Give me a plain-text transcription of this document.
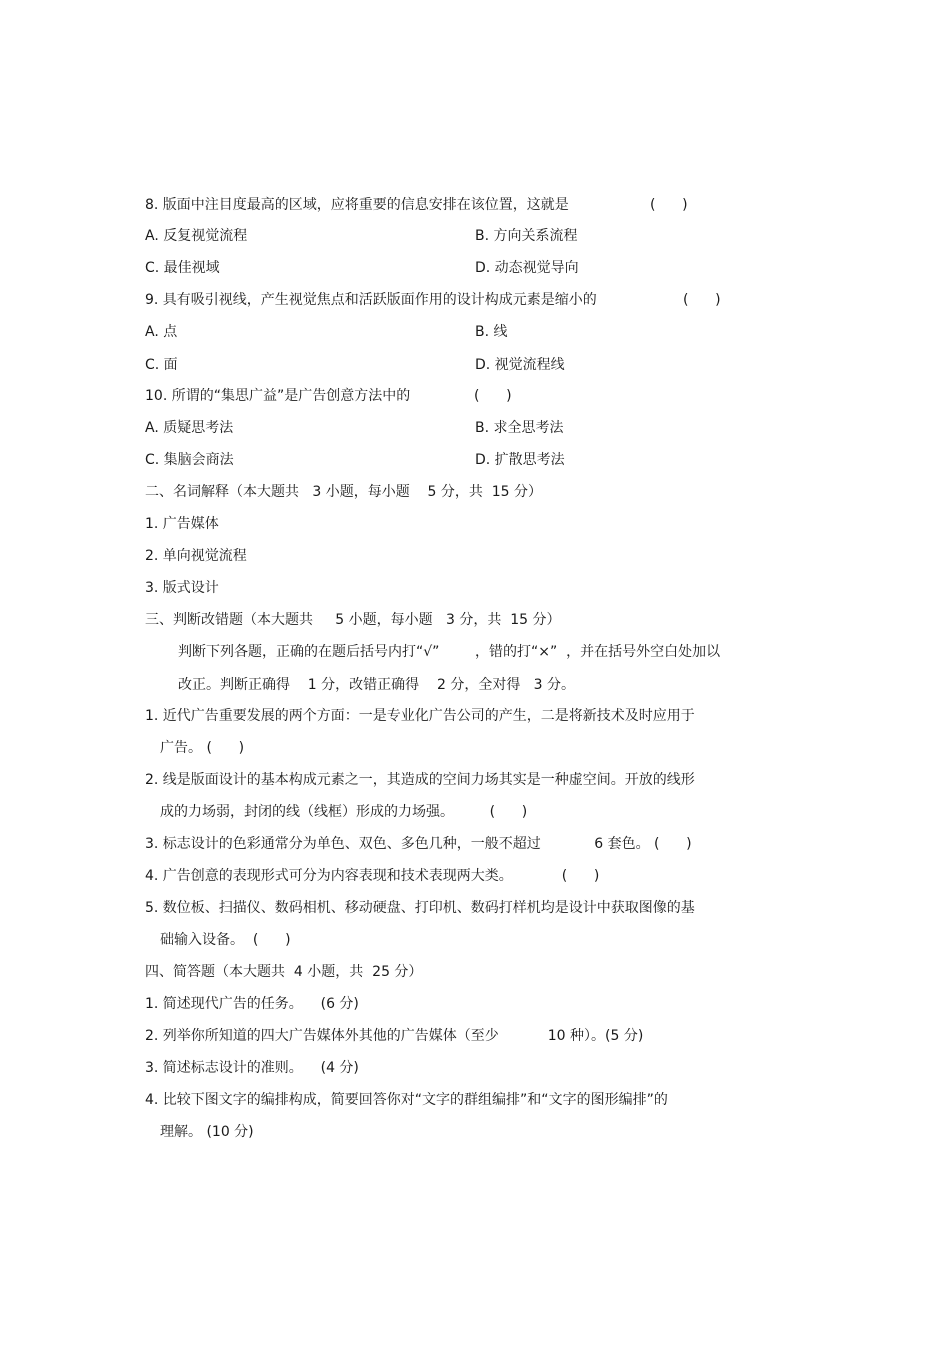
8. 版面中注目度最高的区域，应将重要的信息安排在该位置，这就是	(      )
A. 反复视觉流程	B. 方向关系流程
C. 最佳视域	D. 动态视觉导向
9. 具有吸引视线，产生视觉焦点和活跃版面作用的设计构成元素是缩小的	(      )
A. 点	B. 线
C. 面	D. 视觉流程线
10. 所谓的“集思广益”是广告创意方法中的	(      )
A. 质疑思考法	B. 求全思考法
C. 集脑会商法	D. 扩散思考法
二、名词解释（本大题共   3 小题，每小题    5 分，共  15 分）
1. 广告媒体
2. 单向视觉流程
3. 版式设计
三、判断改错题（本大题共     5 小题，每小题   3 分，共  15 分）
判断下列各题，正确的在题后括号内打“√”        ，错的打“×”  ，并在括号外空白处加以
改正。判断正确得    1 分，改错正确得    2 分，全对得   3 分。
1. 近代广告重要发展的两个方面：一是专业化广告公司的产生，二是将新技术及时应用于
广告。 (      )
2. 线是版面设计的基本构成元素之一，其造成的空间力场其实是一种虚空间。开放的线形
成的力场弱，封闭的线（线框）形成的力场强。        (      )
3. 标志设计的色彩通常分为单色、双色、多色几种，一般不超过            6 套色。 (      )
4. 广告创意的表现形式可分为内容表现和技术表现两大类。           (      )
5. 数位板、扫描仪、数码相机、移动硬盘、打印机、数码打样机均是设计中获取图像的基
础输入设备。  (      )
四、简答题（本大题共  4 小题，共  25 分）
1. 简述现代广告的任务。    (6 分)
2. 列举你所知道的四大广告媒体外其他的广告媒体（至少           10 种）。(5 分)
3. 简述标志设计的准则。    (4 分)
4. 比较下图文字的编排构成，简要回答你对“文字的群组编排”和“文字的图形编排”的
理解。 (10 分)
